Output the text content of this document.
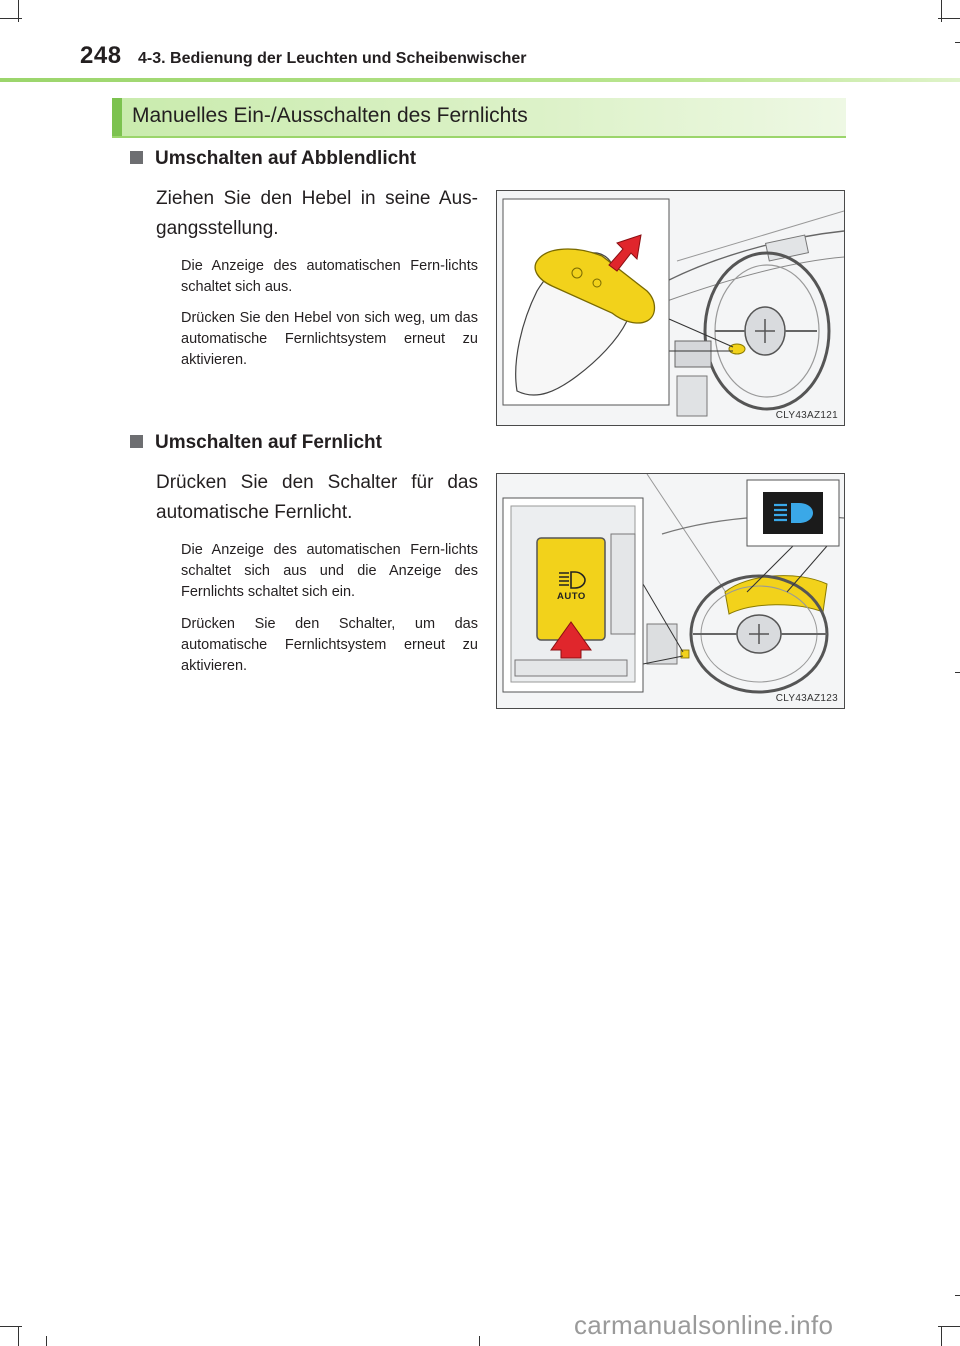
248 4-3. Bedienung der Leuchten und Scheibenwischer
Manuelles Ein-/Ausschalten des Fernlichts
Umschalten auf Abblendlicht
Ziehen Sie den Hebel in seine Aus-gangsstellung.
Die Anzeige des automatischen Fern-lichts schaltet sich aus.
Drücken Sie den Hebel von sich weg, um das automatische Fernlichtsystem erneut zu aktivieren.
CLY43AZ121
Umschalten auf Fernlicht
Drücken Sie den Schalter für das automatische Fernlicht.
Die Anzeige des automatischen Fern-lichts schaltet sich aus und die Anzeige des Fernlichts schaltet sich ein.
Drücken Sie den Schalter, um das automatische Fernlichtsystem erneut zu aktivieren.
AUTO
CLY43AZ123
carmanualsonline.info
